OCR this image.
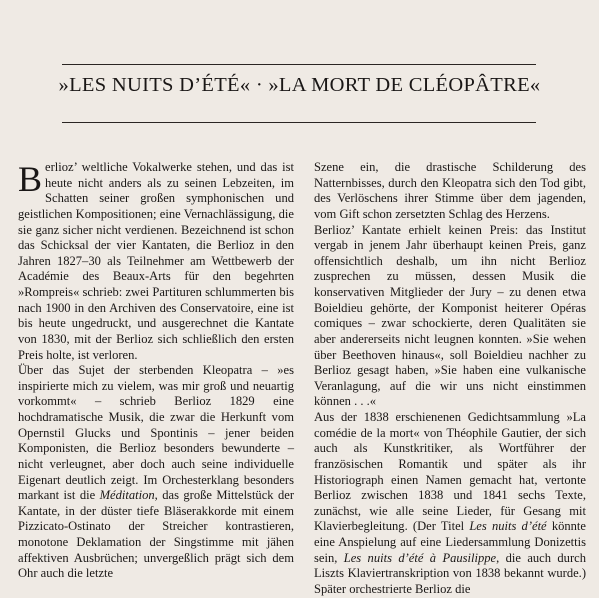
»LES NUITS D’ÉTÉ« · »LA MORT DE CLÉOPÂTRE«

Berlioz’ weltliche Vokalwerke stehen, und das ist heute nicht anders als zu seinen Lebzeiten, im Schatten seiner großen symphonischen und geistlichen Kompositionen; eine Vernachlässigung, die sie ganz sicher nicht verdienen. Bezeichnend ist schon das Schicksal der vier Kantaten, die Berlioz in den Jahren 1827–30 als Teilnehmer am Wettbewerb der Académie des Beaux-Arts für den begehrten »Rompreis« schrieb: zwei Partituren schlummerten bis nach 1900 in den Archiven des Conservatoire, eine ist bis heute ungedruckt, und ausgerechnet die Kantate von 1830, mit der Berlioz sich schließlich den ersten Preis holte, ist verloren.

Über das Sujet der sterbenden Kleopatra – »es inspirierte mich zu vielem, was mir groß und neuartig vorkommt« – schrieb Berlioz 1829 eine hochdramatische Musik, die zwar die Herkunft vom Opernstil Glucks und Spontinis – jener beiden Komponisten, die Berlioz besonders bewunderte – nicht verleugnet, aber doch auch seine individuelle Eigenart deutlich zeigt. Im Orchesterklang besonders markant ist die Méditation, das große Mittelstück der Kantate, in der düster tiefe Bläserakkorde mit einem Pizzicato-Ostinato der Streicher kontrastieren, monotone Deklamation der Singstimme mit jähen affektiven Ausbrüchen; unvergeßlich prägt sich dem Ohr auch die letzte

Szene ein, die drastische Schilderung des Natternbisses, durch den Kleopatra sich den Tod gibt, des Verlöschens ihrer Stimme über dem jagenden, vom Gift schon zersetzten Schlag des Herzens.

Berlioz’ Kantate erhielt keinen Preis: das Institut vergab in jenem Jahr überhaupt keinen Preis, ganz offensichtlich deshalb, um ihn nicht Berlioz zusprechen zu müssen, dessen Musik die konservativen Mitglieder der Jury – zu denen etwa Boieldieu gehörte, der Komponist heiterer Opéras comiques – zwar schockierte, deren Qualitäten sie aber andererseits nicht leugnen konnten. »Sie wehen über Beethoven hinaus«, soll Boieldieu nachher zu Berlioz gesagt haben, »Sie haben eine vulkanische Veranlagung, auf die wir uns nicht einstimmen können . . .«

Aus der 1838 erschienenen Gedichtsammlung »La comédie de la mort« von Théophile Gautier, der sich auch als Kunstkritiker, als Wortführer der französischen Romantik und später als ihr Historiograph einen Namen gemacht hat, vertonte Berlioz zwischen 1838 und 1841 sechs Texte, zunächst, wie alle seine Lieder, für Gesang mit Klavierbegleitung. (Der Titel Les nuits d’été könnte eine Anspielung auf eine Liedersammlung Donizettis sein, Les nuits d’été à Pausilippe, die auch durch Liszts Klaviertranskription von 1838 bekannt wurde.) Später orchestrierte Berlioz die
